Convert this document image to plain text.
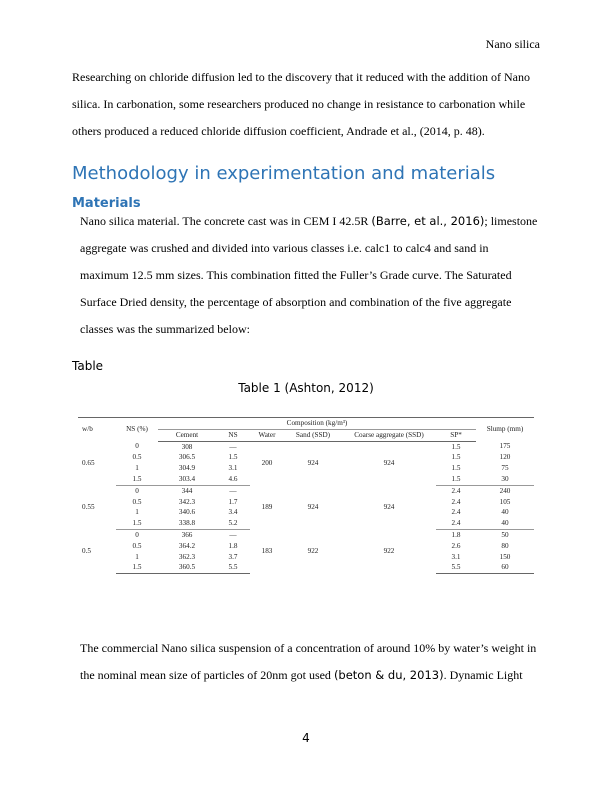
Nano silica
Researching on chloride diffusion led to the discovery that it reduced with the addition of Nano
silica. In carbonation, some researchers produced no change in resistance to carbonation while
others produced a reduced chloride diffusion coefficient, Andrade et al., (2014, p. 48).
Methodology in experimentation and materials
Materials
Nano silica material. The concrete cast was in CEM I 42.5R (Barre, et al., 2016); limestone
aggregate was crushed and divided into various classes i.e. calc1 to calc4 and sand in
maximum 12.5 mm sizes. This combination fitted the Fuller’s Grade curve. The Saturated
Surface Dried density, the percentage of absorption and combination of the five aggregate
classes was the summarized below:
Table
Table 1 (Ashton, 2012)
w/b	NS (%)	Composition (kg/m³)						Slump (mm)
		Cement	NS	Water	Sand (SSD)	Coarse aggregate (SSD)	SP*	
0.65	0	308	—	200	924	924	1.5	175
	0.5	306.5	1.5				1.5	120
	1	304.9	3.1				1.5	75
	1.5	303.4	4.6				1.5	30
0.55	0	344	—	189	924	924	2.4	240
	0.5	342.3	1.7				2.4	105
	1	340.6	3.4				2.4	40
	1.5	338.8	5.2				2.4	40
0.5	0	366	—	183	922	922	1.8	50
	0.5	364.2	1.8				2.6	80
	1	362.3	3.7				3.1	150
	1.5	360.5	5.5				5.5	60
The commercial Nano silica suspension of a concentration of around 10% by water’s weight in
the nominal mean size of particles of 20nm got used (beton & du, 2013). Dynamic Light
4
